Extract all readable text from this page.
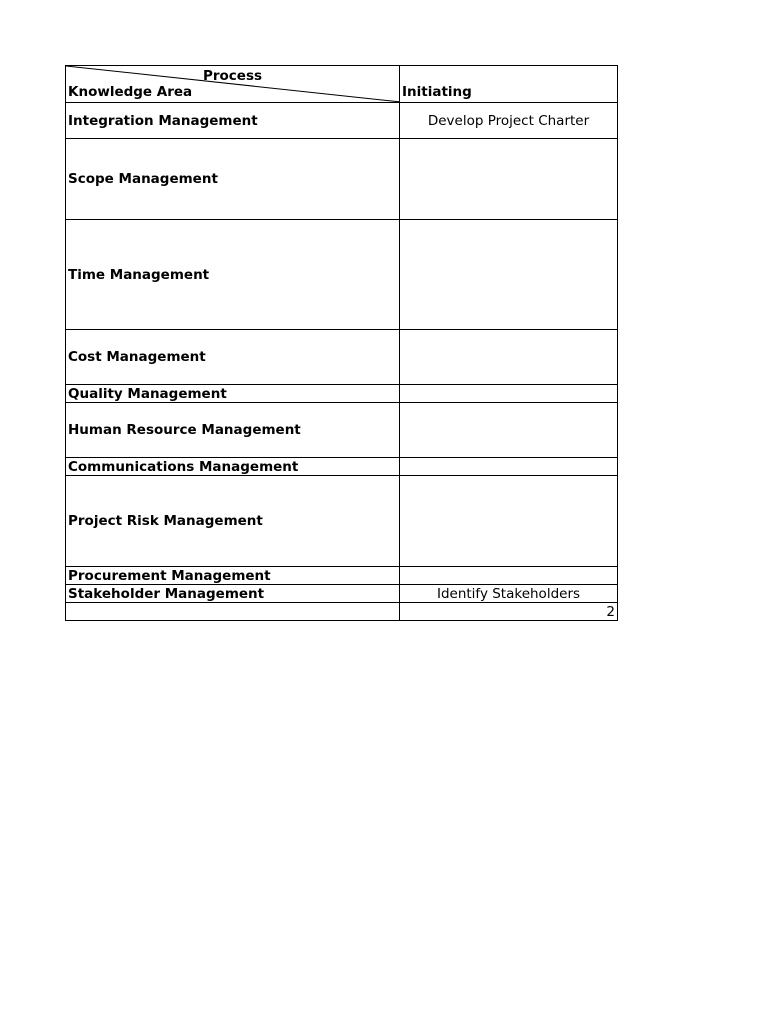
Process
Knowledge Area	Initiating
Integration Management	Develop Project Charter
Scope Management	
Time Management	
Cost Management	
Quality Management	
Human Resource Management	
Communications Management	
Project Risk Management	
Procurement Management	
Stakeholder Management	Identify Stakeholders
	2
